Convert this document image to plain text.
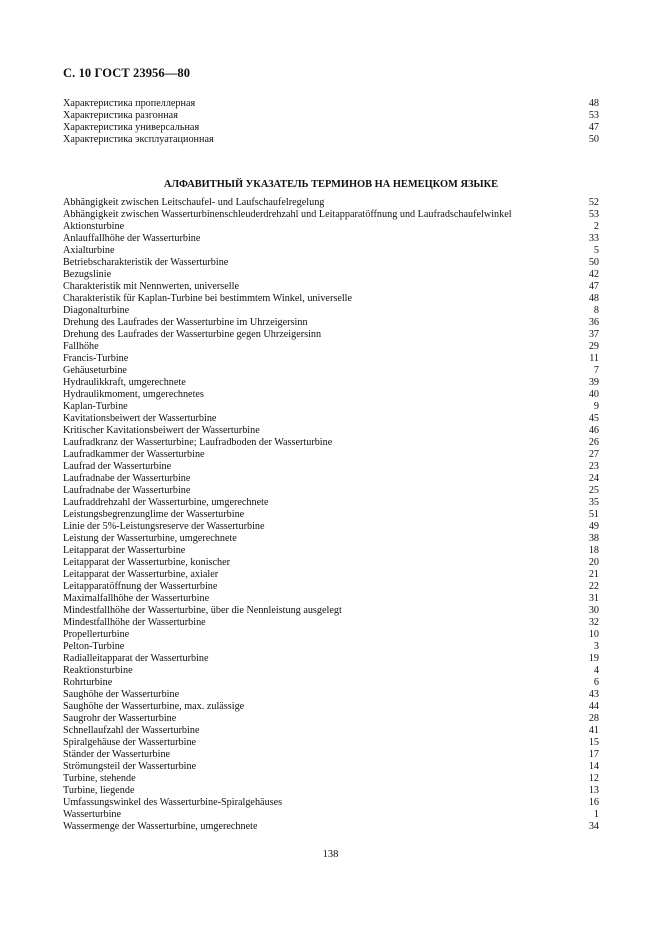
С. 10 ГОСТ 23956—80
Характеристика пропеллерная	48
Характеристика разгонная	53
Характеристика универсальная	47
Характеристика эксплуатационная	50
АЛФАВИТНЫЙ УКАЗАТЕЛЬ ТЕРМИНОВ НА НЕМЕЦКОМ ЯЗЫКЕ
Abhängigkeit zwischen Leitschaufel- und Laufschaufelregelung	52
Abhängigkeit zwischen Wasserturbinenschleuderdrehzahl und Leitapparatöffnung und Laufradschaufelwinkel	53
Aktionsturbine	2
Anlauffallhöhe der Wasserturbine	33
Axialturbine	5
Betriebscharakteristik der Wasserturbine	50
Bezugslinie	42
Charakteristik mit Nennwerten, universelle	47
Charakteristik für Kaplan-Turbine bei bestimmtem Winkel, universelle	48
Diagonalturbine	8
Drehung des Laufrades der Wasserturbine im Uhrzeigersinn	36
Drehung des Laufrades der Wasserturbine gegen Uhrzeigersinn	37
Fallhöhe	29
Francis-Turbine	11
Gehäuseturbine	7
Hydraulikkraft, umgerechnete	39
Hydraulikmoment, umgerechnetes	40
Kaplan-Turbine	9
Kavitationsbeiwert der Wasserturbine	45
Kritischer Kavitationsbeiwert der Wasserturbine	46
Laufradkranz der Wasserturbine; Laufradboden der Wasserturbine	26
Laufradkammer der Wasserturbine	27
Laufrad der Wasserturbine	23
Laufradnabe der Wasserturbine	24
Laufradnabe der Wasserturbine	25
Laufraddrehzahl der Wasserturbine, umgerechnete	35
Leistungsbegrenzunglime der Wasserturbine	51
Linie der 5%-Leistungsreserve der Wasserturbine	49
Leistung der Wasserturbine, umgerechnete	38
Leitapparat der Wasserturbine	18
Leitapparat der Wasserturbine, konischer	20
Leitapparat der Wasserturbine, axialer	21
Leitapparatöffnung der Wasserturbine	22
Maximalfallhöhe der Wasserturbine	31
Mindestfallhöhe der Wasserturbine, über die Nennleistung ausgelegt	30
Mindestfallhöhe der Wasserturbine	32
Propellerturbine	10
Pelton-Turbine	3
Radialleitapparat der Wasserturbine	19
Reaktionsturbine	4
Rohrturbine	6
Saughöhe der Wasserturbine	43
Saughöhe der Wasserturbine, max. zulässige	44
Saugrohr der Wasserturbine	28
Schnellaufzahl der Wasserturbine	41
Spiralgehäuse der Wasserturbine	15
Ständer der Wasserturbine	17
Strömungsteil der Wasserturbine	14
Turbine, stehende	12
Turbine, liegende	13
Umfassungswinkel des Wasserturbine-Spiralgehäuses	16
Wasserturbine	1
Wassermenge der Wasserturbine, umgerechnete	34
138
